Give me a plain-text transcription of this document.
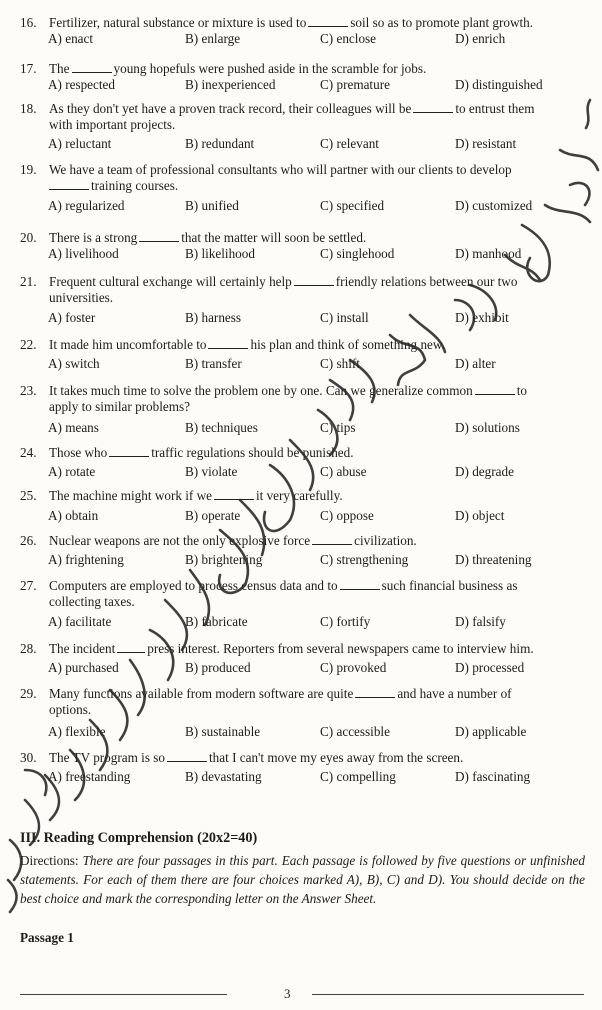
16. Fertilizer, natural substance or mixture is used to	soil so as to promote plant growth.
A) enact	B) enlarge	C) enclose	D) enrich
17. The	young hopefuls were pushed aside in the scramble for jobs.
A) respected	B) inexperienced	C) premature	D) distinguished
18. As they don't yet have a proven track record, their colleagues will be	to entrust them
with important projects.
A) reluctant	B) redundant	C) relevant	D) resistant
19. We have a team of professional consultants who will partner with our clients to develop
training courses.
A) regularized	B) unified	C) specified	D) customized
20. There is a strong	that the matter will soon be settled.
A) livelihood	B) likelihood	C) singlehood	D) manhood
21. Frequent cultural exchange will certainly help	friendly relations between our two
universities.
A) foster	B) harness	C) install	D) exhibit
22. It made him uncomfortable to	his plan and think of something new.
A) switch	B) transfer	C) shift	D) alter
23. It takes much time to solve the problem one by one. Can we generalize common	to
apply to similar problems?
A) means	B) techniques	C) tips	D) solutions
24. Those who	traffic regulations should be punished.
A) rotate	B) violate	C) abuse	D) degrade
25. The machine might work if we	it very carefully.
A) obtain	B) operate	C) oppose	D) object
26. Nuclear weapons are not the only explosive force	civilization.
A) frightening	B) brightening	C) strengthening	D) threatening
27. Computers are employed to process census data and to	such financial business as
collecting taxes.
A) facilitate	B) fabricate	C) fortify	D) falsify
28. The incident press interest. Reporters from several newspapers came to interview him.
A) purchased	B) produced	C) provoked	D) processed
29. Many functions available from modern software are quite	and have a number of
options.
A) flexible	B) sustainable	C) accessible	D) applicable
30. The TV program is so	that I can't move my eyes away from the screen.
A) freestanding	B) devastating	C) compelling	D) fascinating
III. Reading Comprehension (20x2=40)
Directions: There are four passages in this part. Each passage is followed by five questions or unfinished statements. For each of them there are four choices marked A), B), C) and D). You should decide on the best choice and mark the corresponding letter on the Answer Sheet.
Passage 1
3
